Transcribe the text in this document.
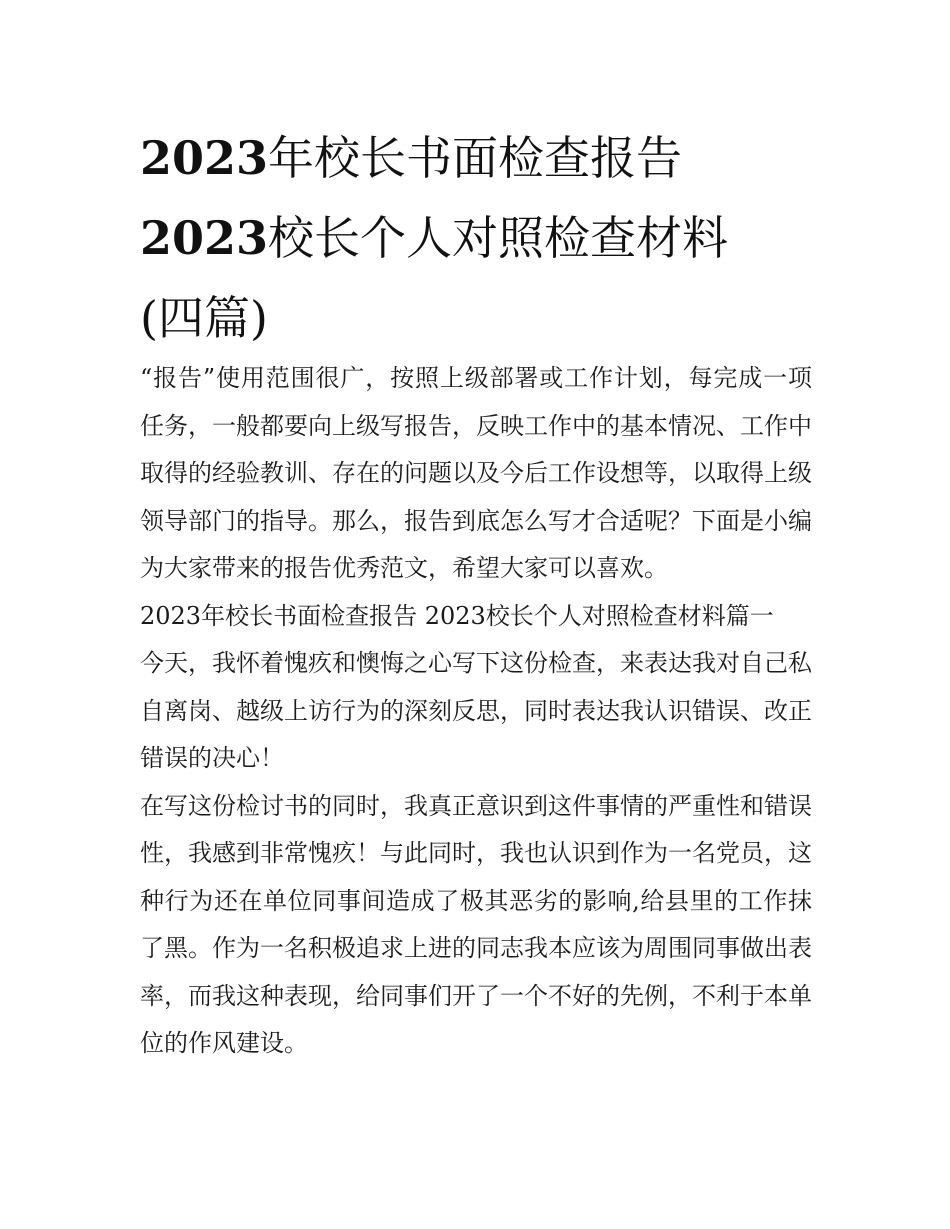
2023年校长书面检查报告
2023校长个人对照检查材料
(四篇)

“报告”使用范围很广，按照上级部署或工作计划，每完成一项任务，一般都要向上级写报告，反映工作中的基本情况、工作中取得的经验教训、存在的问题以及今后工作设想等，以取得上级领导部门的指导。那么，报告到底怎么写才合适呢？下面是小编为大家带来的报告优秀范文，希望大家可以喜欢。

2023年校长书面检查报告 2023校长个人对照检查材料篇一

今天，我怀着愧疚和懊悔之心写下这份检查，来表达我对自己私自离岗、越级上访行为的深刻反思，同时表达我认识错误、改正错误的决心！

在写这份检讨书的同时，我真正意识到这件事情的严重性和错误性，我感到非常愧疚！与此同时，我也认识到作为一名党员，这种行为还在单位同事间造成了极其恶劣的影响,给县里的工作抹了黑。作为一名积极追求上进的同志我本应该为周围同事做出表率，而我这种表现，给同事们开了一个不好的先例，不利于本单位的作风建设。
